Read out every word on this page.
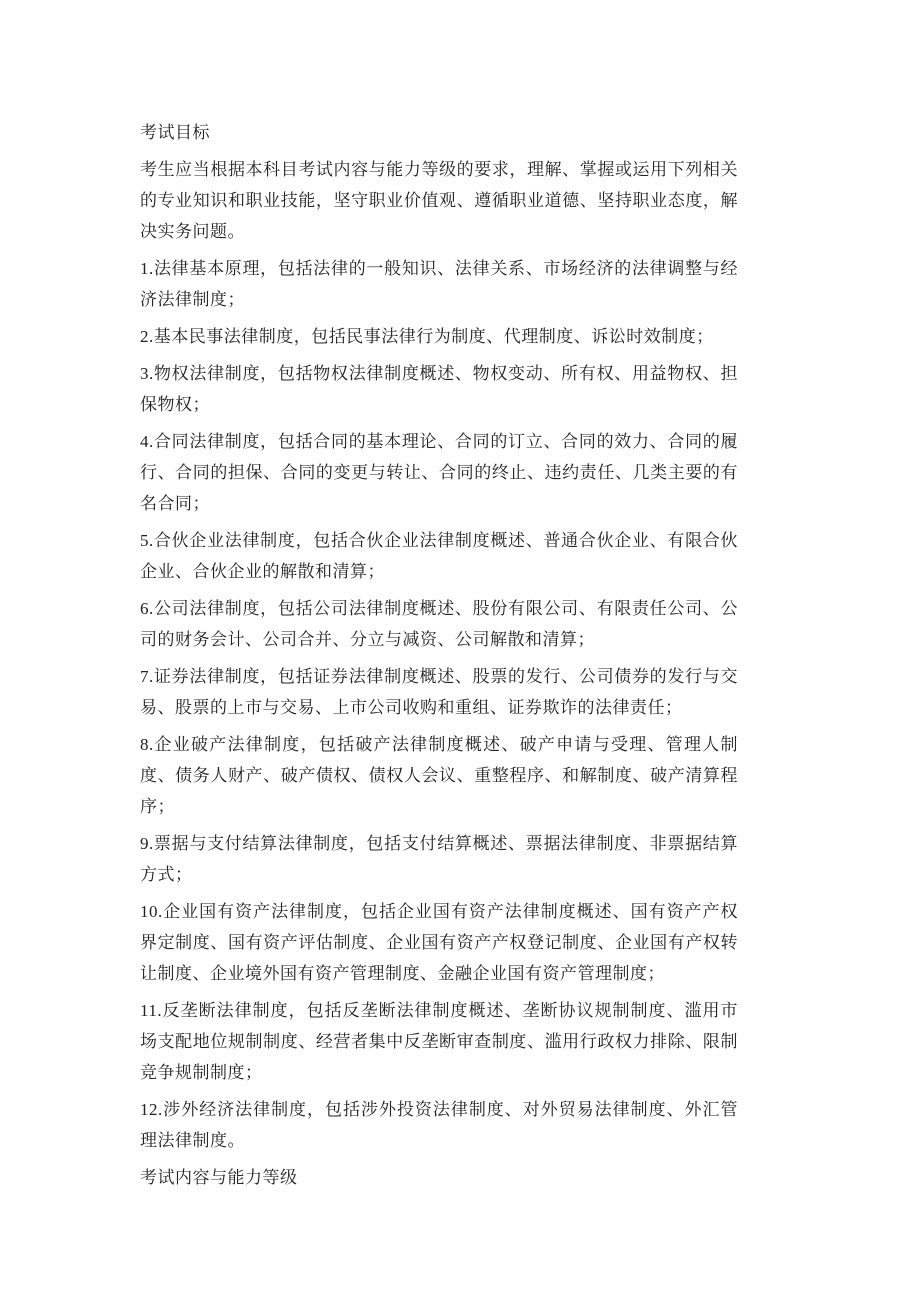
考试目标

考生应当根据本科目考试内容与能力等级的要求，理解、掌握或运用下列相关的专业知识和职业技能，坚守职业价值观、遵循职业道德、坚持职业态度，解决实务问题。

1.法律基本原理，包括法律的一般知识、法律关系、市场经济的法律调整与经济法律制度；

2.基本民事法律制度，包括民事法律行为制度、代理制度、诉讼时效制度；

3.物权法律制度，包括物权法律制度概述、物权变动、所有权、用益物权、担保物权；

4.合同法律制度，包括合同的基本理论、合同的订立、合同的效力、合同的履行、合同的担保、合同的变更与转让、合同的终止、违约责任、几类主要的有名合同；

5.合伙企业法律制度，包括合伙企业法律制度概述、普通合伙企业、有限合伙企业、合伙企业的解散和清算；

6.公司法律制度，包括公司法律制度概述、股份有限公司、有限责任公司、公司的财务会计、公司合并、分立与减资、公司解散和清算；

7.证券法律制度，包括证券法律制度概述、股票的发行、公司债券的发行与交易、股票的上市与交易、上市公司收购和重组、证券欺诈的法律责任；

8.企业破产法律制度，包括破产法律制度概述、破产申请与受理、管理人制度、债务人财产、破产债权、债权人会议、重整程序、和解制度、破产清算程序；

9.票据与支付结算法律制度，包括支付结算概述、票据法律制度、非票据结算方式；

10.企业国有资产法律制度，包括企业国有资产法律制度概述、国有资产产权界定制度、国有资产评估制度、企业国有资产产权登记制度、企业国有产权转让制度、企业境外国有资产管理制度、金融企业国有资产管理制度；

11.反垄断法律制度，包括反垄断法律制度概述、垄断协议规制制度、滥用市场支配地位规制制度、经营者集中反垄断审查制度、滥用行政权力排除、限制竞争规制制度；

12.涉外经济法律制度，包括涉外投资法律制度、对外贸易法律制度、外汇管理法律制度。

考试内容与能力等级
